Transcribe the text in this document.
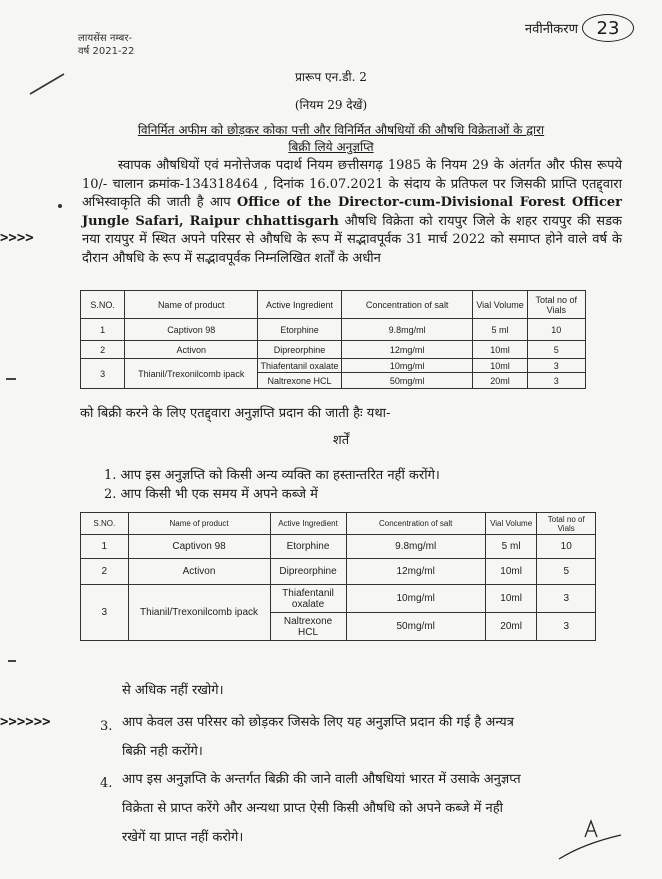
लायसेंस नम्बर-
वर्ष 2021-22
नवीनीकरण 23
प्रारूप एन.डी. 2
(नियम 29 देखें)
विनिर्मित अफीम को छोड़कर कोका पत्ती और विनिर्मित औषधियों की औषधि विक्रेताओं के द्वारा
बिक्री लिये अनुज्ञप्ति
स्वापक औषधियों एवं मनोत्तेजक पदार्थ नियम छत्तीसगढ़ 1985 के नियम 29 के अंतर्गत और फीस रूपये 10/- चालान क्रमांक-134318464 , दिनांक 16.07.2021 के संदाय के प्रतिफल पर जिसकी प्राप्ति एतद्द्वारा अभिस्वाकृति की जाती है आप Office of the Director-cum-Divisional Forest Officer Jungle Safari, Raipur chhattisgarh औषधि विक्रेता को रायपुर जिले के शहर रायपुर की सडक नया रायपुर में स्थित अपने परिसर से औषधि के रूप में सद्भावपूर्वक 31 मार्च 2022 को समाप्त होने वाले वर्ष के दौरान औषधि के रूप में सद्भावपूर्वक निम्नलिखित शर्तों के अधीन
>>>>
S.NO.	Name of product	Active Ingredient	Concentration of salt	Vial Volume	Total no of Vials
1	Captivon 98	Etorphine	9.8mg/ml	5 ml	10
2	Activon	Dipreorphine	12mg/ml	10ml	5
3	Thianil/Trexonilcomb ipack	Thiafentanil oxalate	10mg/ml	10ml	3
		Naltrexone HCL	50mg/ml	20ml	3
को बिक्री करने के लिए एतद्द्वारा अनुज्ञप्ति प्रदान की जाती हैः यथा-
शर्तें
1. आप इस अनुज्ञप्ति को किसी अन्य व्यक्ति का हस्तान्तरित नहीं करोंगे।
2. आप किसी भी एक समय में अपने कब्जे में
S.NO.	Name of product	Active Ingredient	Concentration of salt	Vial Volume	Total no of Vials
1	Captivon 98	Etorphine	9.8mg/ml	5 ml	10
2	Activon	Dipreorphine	12mg/ml	10ml	5
3	Thianil/Trexonilcomb ipack	Thiafentanil oxalate	10mg/ml	10ml	3
		Naltrexone HCL	50mg/ml	20ml	3
से अधिक नहीं रखोगे।
>>>>>>	3. आप केवल उस परिसर को छोड़कर जिसके लिए यह अनुज्ञप्ति प्रदान की गई है अन्यत्र
बिक्री नही करोंगे।
4. आप इस अनुज्ञप्ति के अन्तर्गत बिक्री की जाने वाली औषधियां भारत में उसाके अनुज्ञप्त
विक्रेता से प्राप्त करेंगे और अन्यथा प्राप्त ऐसी किसी औषधि को अपने कब्जे में नही
रखेगें या प्राप्त नहीं करोगे।
